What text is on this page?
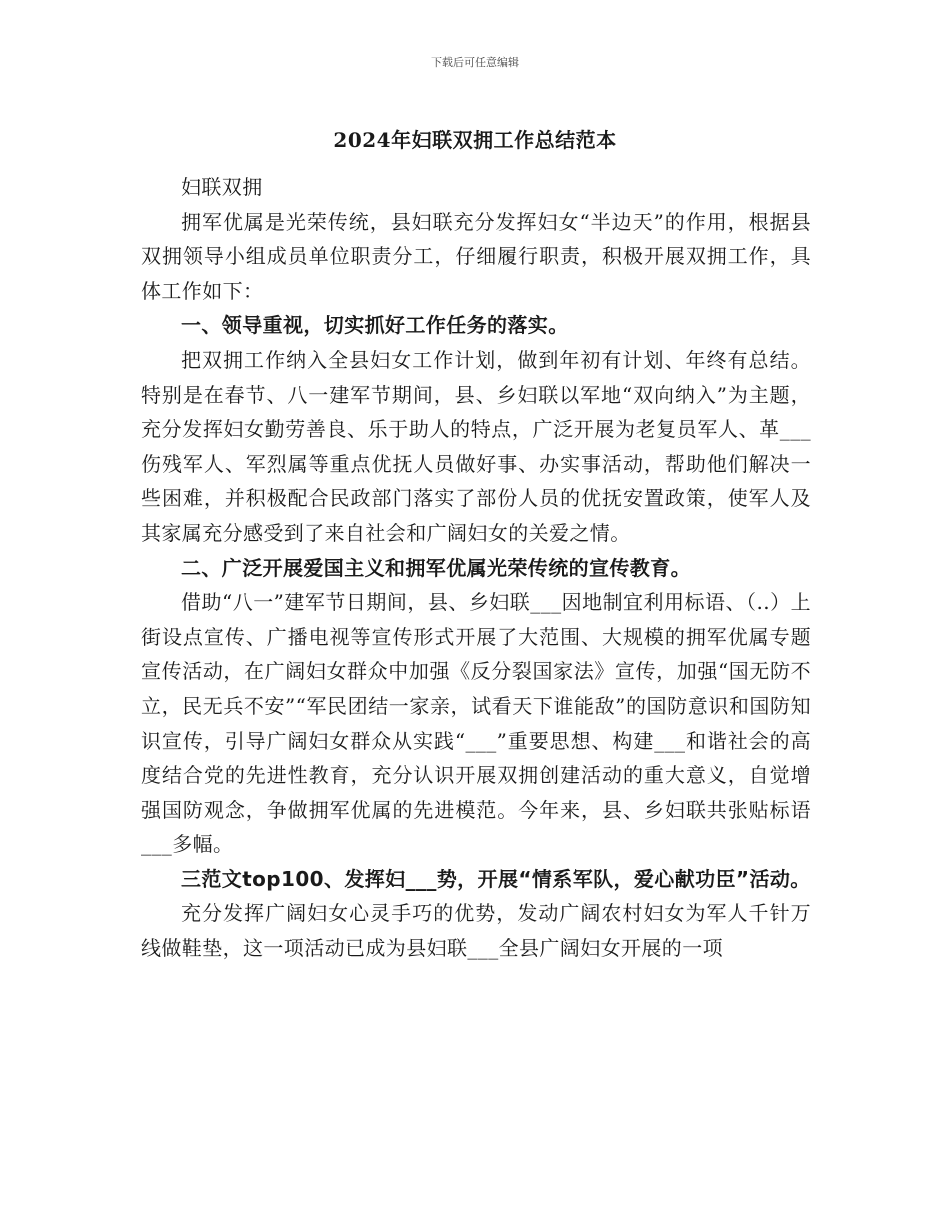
下载后可任意编辑
2024年妇联双拥工作总结范本

妇联双拥

拥军优属是光荣传统，县妇联充分发挥妇女“半边天”的作用，根据县双拥领导小组成员单位职责分工，仔细履行职责，积极开展双拥工作，具体工作如下：

一、领导重视，切实抓好工作任务的落实。

把双拥工作纳入全县妇女工作计划，做到年初有计划、年终有总结。特别是在春节、八一建军节期间，县、乡妇联以军地“双向纳入”为主题，充分发挥妇女勤劳善良、乐于助人的特点，广泛开展为老复员军人、革___伤残军人、军烈属等重点优抚人员做好事、办实事活动，帮助他们解决一些困难，并积极配合民政部门落实了部份人员的优抚安置政策，使军人及其家属充分感受到了来自社会和广阔妇女的关爱之情。

二、广泛开展爱国主义和拥军优属光荣传统的宣传教育。

借助“八一”建军节日期间，县、乡妇联___因地制宜利用标语、（..）上街设点宣传、广播电视等宣传形式开展了大范围、大规模的拥军优属专题宣传活动，在广阔妇女群众中加强《反分裂国家法》宣传，加强“国无防不立，民无兵不安”“军民团结一家亲，试看天下谁能敌”的国防意识和国防知识宣传，引导广阔妇女群众从实践“___”重要思想、构建___和谐社会的高度结合党的先进性教育，充分认识开展双拥创建活动的重大意义，自觉增强国防观念，争做拥军优属的先进模范。今年来，县、乡妇联共张贴标语___多幅。

三范文top100、发挥妇___势，开展“情系军队，爱心献功臣”活动。

充分发挥广阔妇女心灵手巧的优势，发动广阔农村妇女为军人千针万线做鞋垫，这一项活动已成为县妇联___全县广阔妇女开展的一项
